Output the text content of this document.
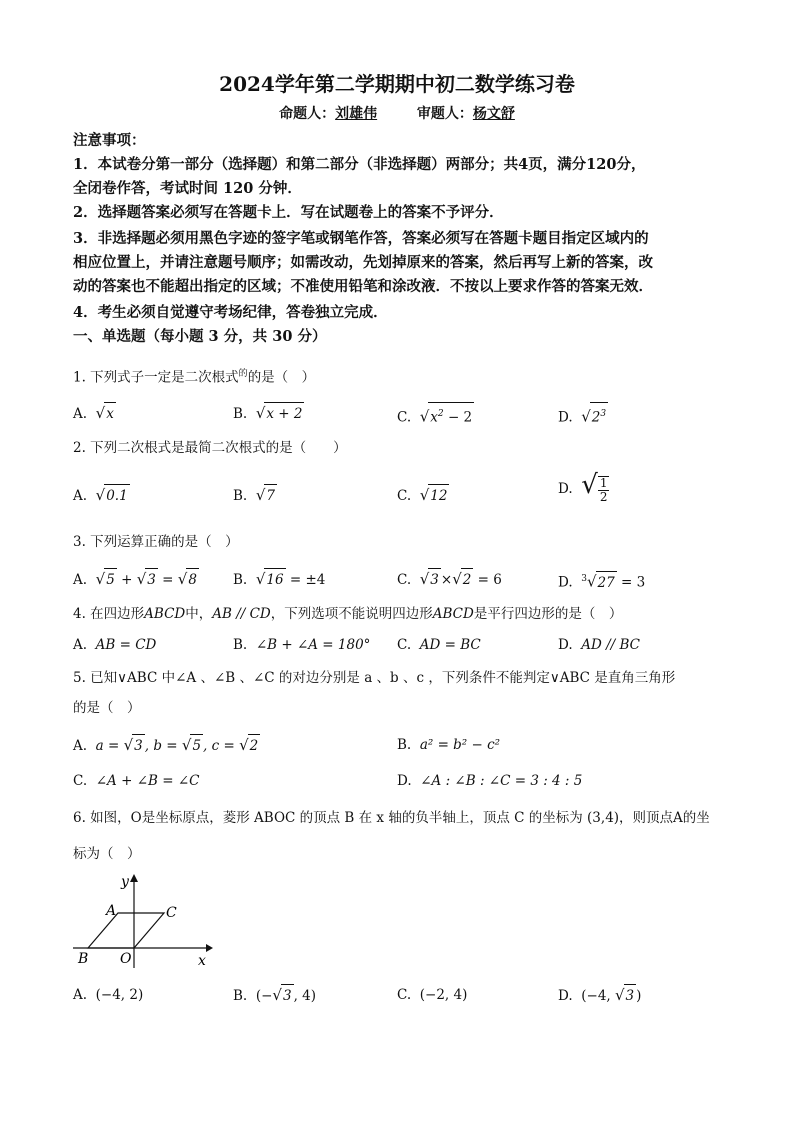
2024学年第二学期期中初二数学练习卷
命题人：刘雄伟	审题人：杨文舒
注意事项：
1．本试卷分第一部分（选择题）和第二部分（非选择题）两部分；共4页，满分120分，
全闭卷作答，考试时间 120 分钟．
2．选择题答案必须写在答题卡上．写在试题卷上的答案不予评分．
3．非选择题必须用黑色字迹的签字笔或钢笔作答，答案必须写在答题卡题目指定区域内的
相应位置上，并请注意题号顺序；如需改动，先划掉原来的答案，然后再写上新的答案，改
动的答案也不能超出指定的区域；不准使用铅笔和涂改液．不按以上要求作答的答案无效．
4．考生必须自觉遵守考场纪律，答卷独立完成．
一、单选题（每小题 3 分，共 30 分）
1. 下列式子一定是二次根式$^的$的是（　）
A. √x	B. √x + 2	C. $√x^2 - 2$	D. $√2^3$
2. 下列二次根式是最简二次根式的是（　　）
A. √0.1	B. √7	C. √12	D. √ $\frac{1}{2}$
3. 下列运算正确的是（　）
A. √5 + √3 = √8	B. √16 = ±4	C. √3 ×√2 = 6	D. $^3$√27 = 3
4. 在四边形ABCD中，AB // CD，下列选项不能说明四边形ABCD是平行四边形的是（　）
A. AB = CD	B. ∠B + ∠A = 180° C. AD = BC	D. AD // BC
5. 已知∨ABC 中∠A 、∠B 、∠C 的对边分别是 a 、b 、c ，下列条件不能判定∨ABC 是直角三角形
的是（　）
A. a = √3 , b = √5 , c = √2	B. a² = b² − c²
C. ∠A + ∠B = ∠C	D. ∠A : ∠B : ∠C = 3 : 4 : 5
6. 如图，O是坐标原点，菱形 ABOC 的顶点 B 在 x 轴的负半轴上，顶点 C 的坐标为 (3,4)，则顶点A的坐
标为（　）
y
x
A
B
C
O
A. (−4, 2)	B. (−√3 , 4)	C. (−2, 4)	D. (−4, √3 )
